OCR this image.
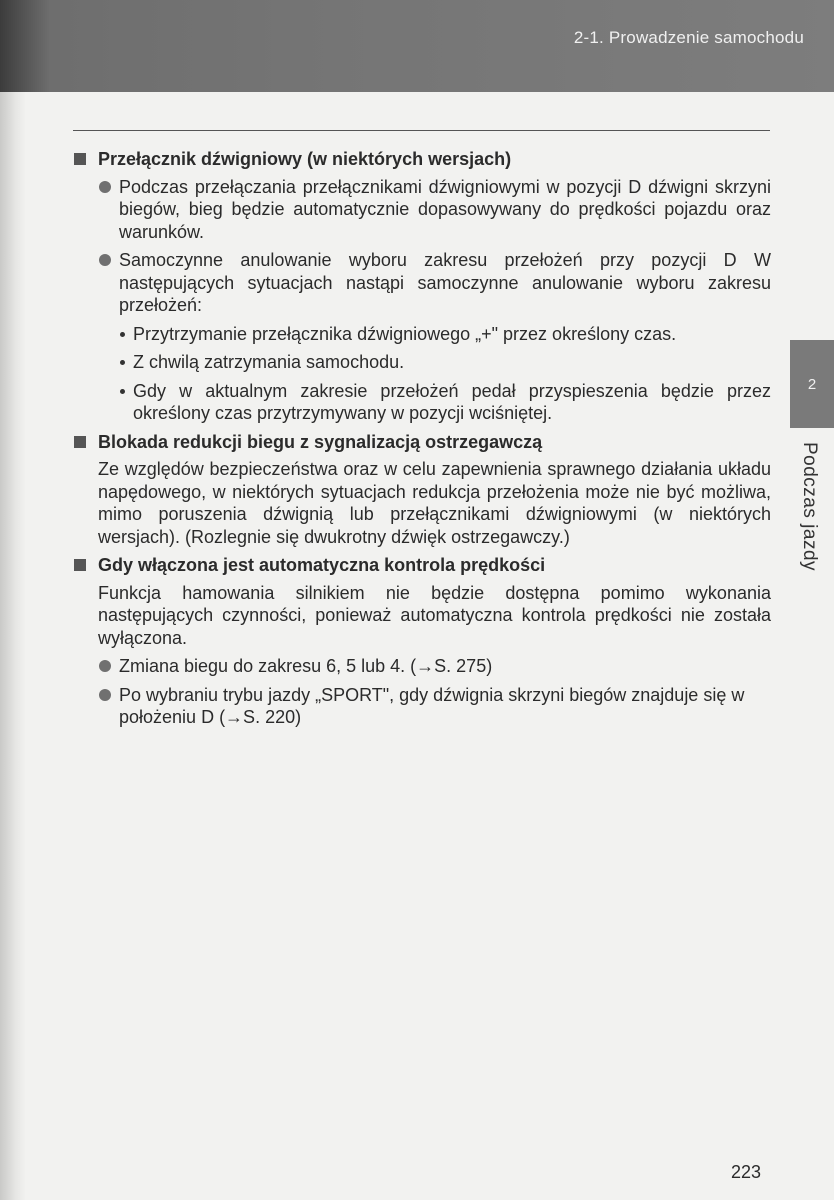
2-1. Prowadzenie samochodu
2
Podczas jazdy
Przełącznik dźwigniowy (w niektórych wersjach)
Podczas przełączania przełącznikami dźwigniowymi w pozycji D dźwigni skrzyni biegów, bieg będzie automatycznie dopasowywany do prędkości pojazdu oraz warunków.
Samoczynne anulowanie wyboru zakresu przełożeń przy pozycji D W następujących sytuacjach nastąpi samoczynne anulowanie wyboru zakresu przełożeń:
Przytrzymanie przełącznika dźwigniowego „+" przez określony czas.
Z chwilą zatrzymania samochodu.
Gdy w aktualnym zakresie przełożeń pedał przyspieszenia będzie przez określony czas przytrzymywany w pozycji wciśniętej.
Blokada redukcji biegu z sygnalizacją ostrzegawczą
Ze względów bezpieczeństwa oraz w celu zapewnienia sprawnego działania układu napędowego, w niektórych sytuacjach redukcja przełożenia może nie być możliwa, mimo poruszenia dźwignią lub przełącznikami dźwigniowymi (w niektórych wersjach). (Rozlegnie się dwukrotny dźwięk ostrzegawczy.)
Gdy włączona jest automatyczna kontrola prędkości
Funkcja hamowania silnikiem nie będzie dostępna pomimo wykonania następujących czynności, ponieważ automatyczna kontrola prędkości nie została wyłączona.
Zmiana biegu do zakresu 6, 5 lub 4. (→S. 275)
Po wybraniu trybu jazdy „SPORT", gdy dźwignia skrzyni biegów znajduje się w położeniu D (→S. 220)
223
